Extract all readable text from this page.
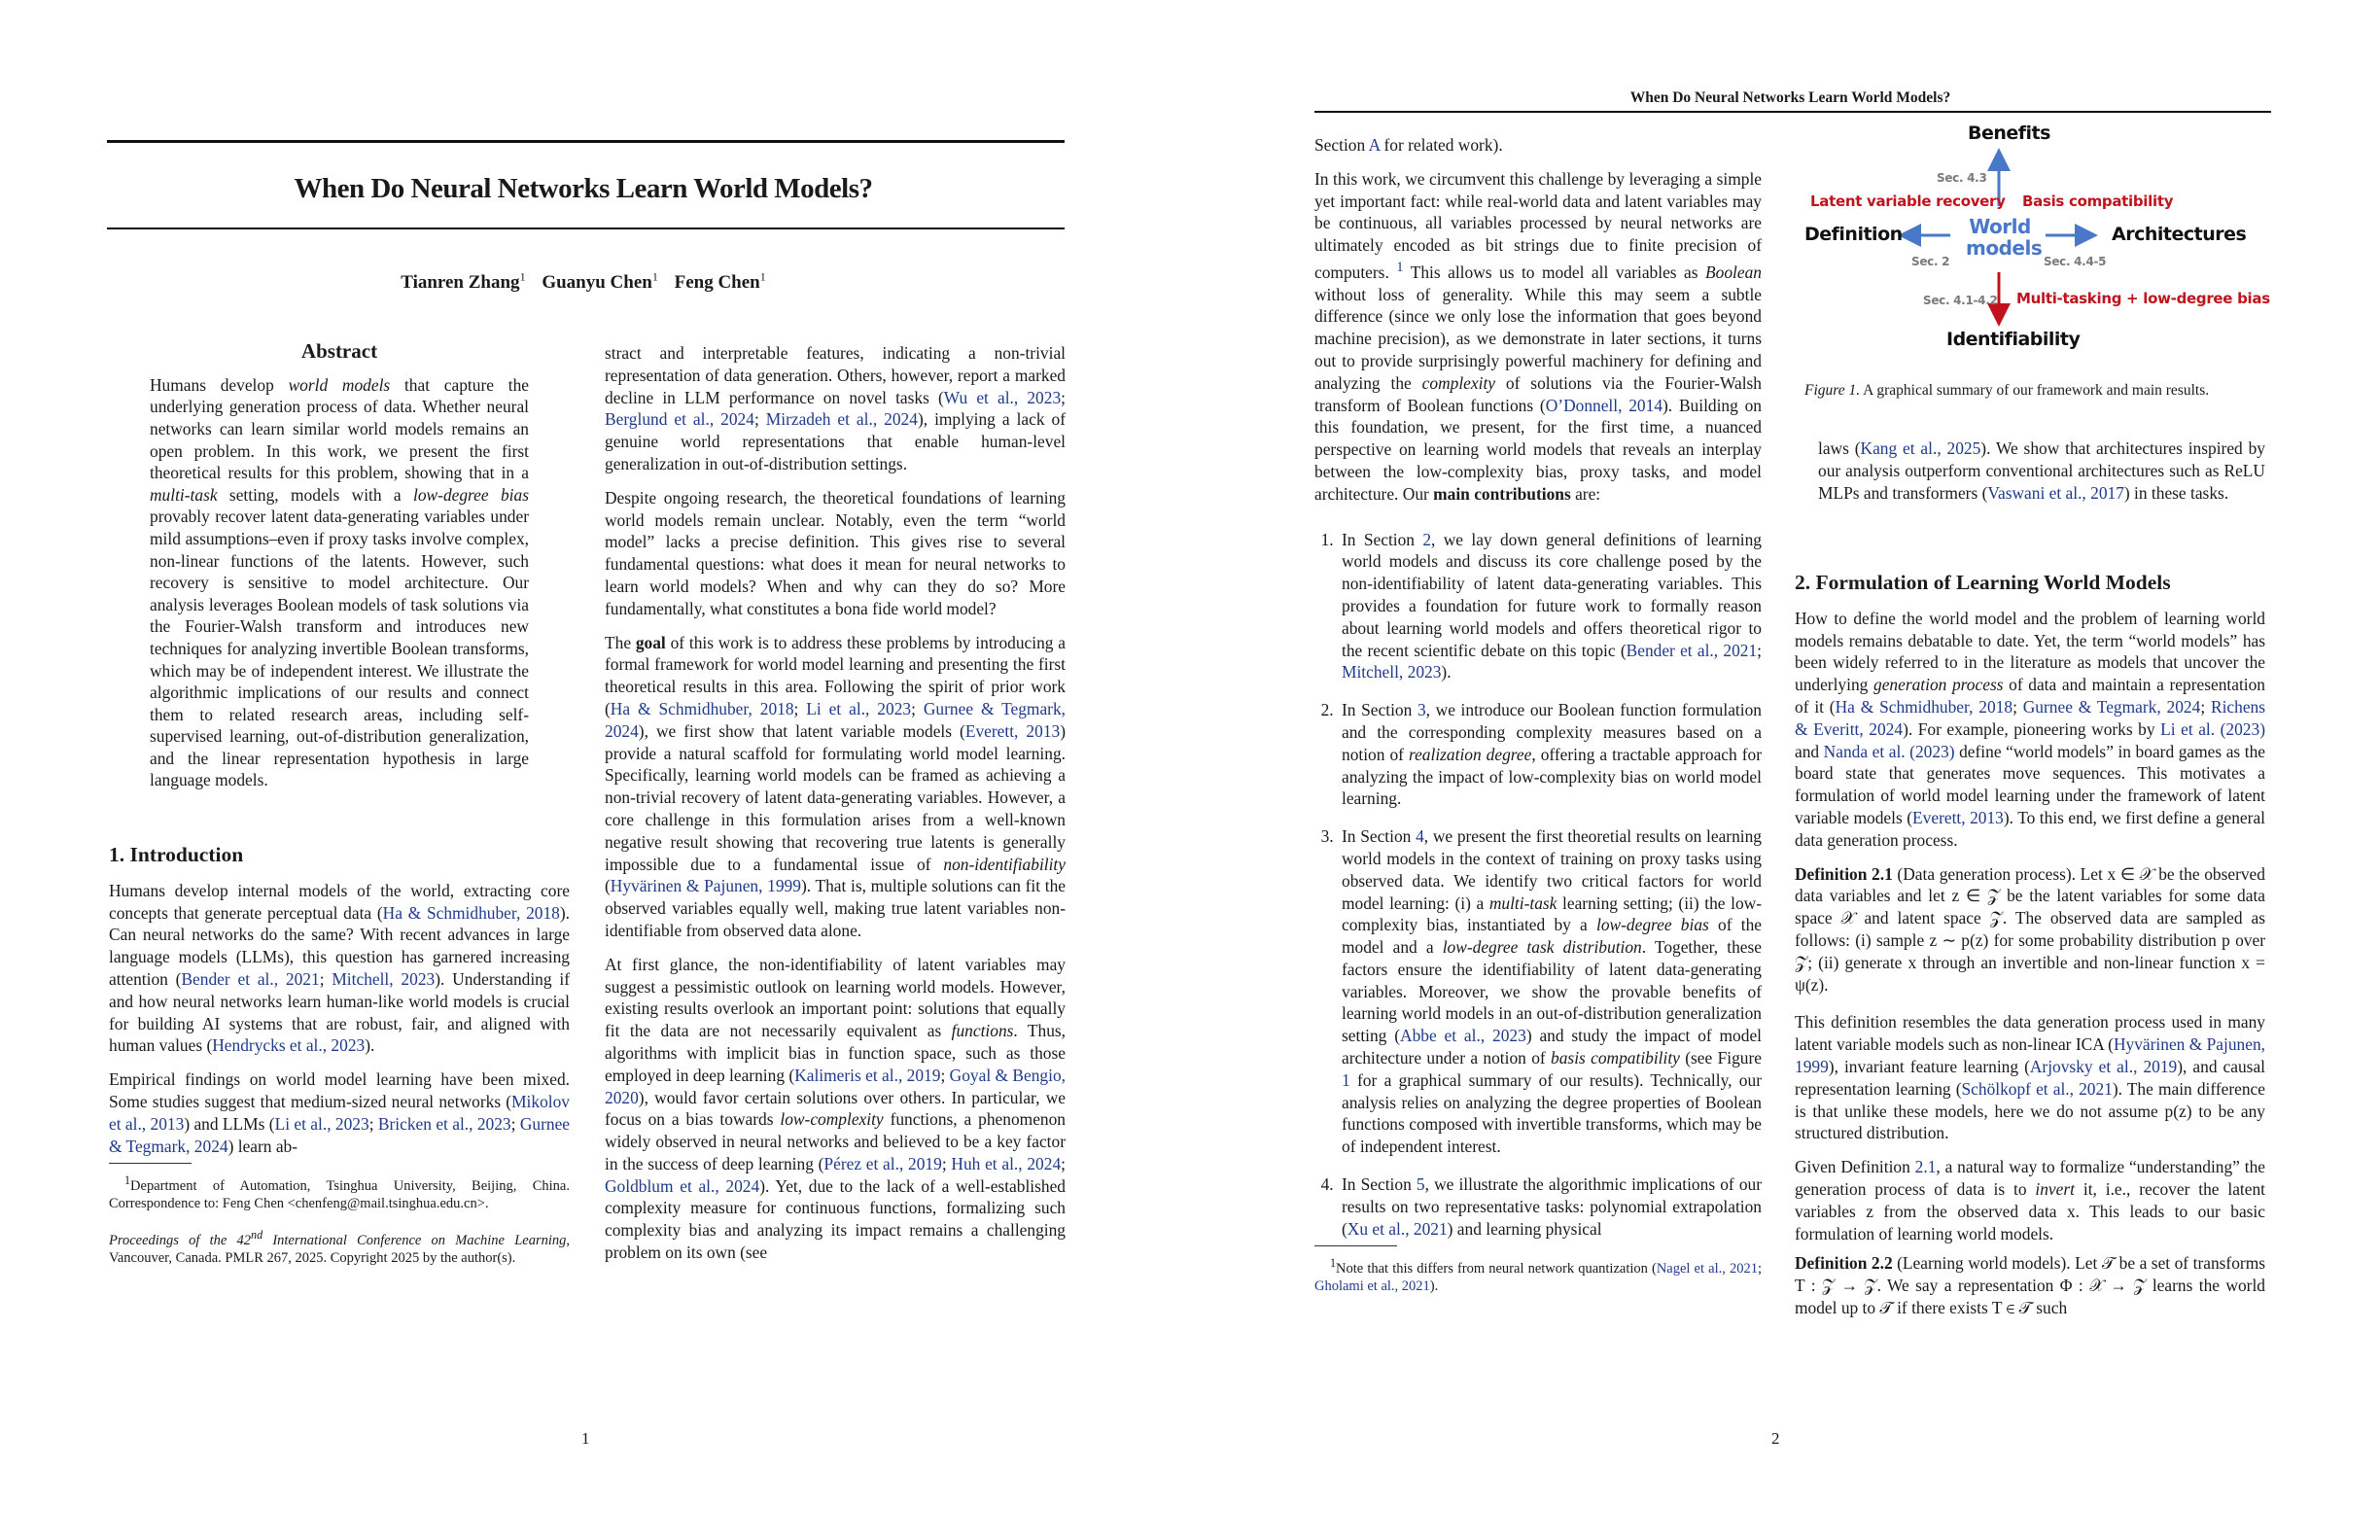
When Do Neural Networks Learn World Models?
Tianren Zhang$^1$ Guanyu Chen$^1$ Feng Chen$^1$
Abstract

Humans develop world models that capture the underlying generation process of data. Whether neural networks can learn similar world models remains an open problem. In this work, we present the first theoretical results for this problem, showing that in a multi-task setting, models with a low-degree bias provably recover latent data-generating variables under mild assumptions–even if proxy tasks involve complex, non-linear functions of the latents. However, such recovery is sensitive to model architecture. Our analysis leverages Boolean models of task solutions via the Fourier-Walsh transform and introduces new techniques for analyzing invertible Boolean transforms, which may be of independent interest. We illustrate the algorithmic implications of our results and connect them to related research areas, including self-supervised learning, out-of-distribution generalization, and the linear representation hypothesis in large language models.

1. Introduction

Humans develop internal models of the world, extracting core concepts that generate perceptual data (Ha & Schmidhuber, 2018). Can neural networks do the same? With recent advances in large language models (LLMs), this question has garnered increasing attention (Bender et al., 2021; Mitchell, 2023). Understanding if and how neural networks learn human-like world models is crucial for building AI systems that are robust, fair, and aligned with human values (Hendrycks et al., 2023).

Empirical findings on world model learning have been mixed. Some studies suggest that medium-sized neural networks (Mikolov et al., 2013) and LLMs (Li et al., 2023; Bricken et al., 2023; Gurnee & Tegmark, 2024) learn ab-

$^1$Department of Automation, Tsinghua University, Beijing, China. Correspondence to: Feng Chen <chenfeng@mail.tsinghua.edu.cn>.

Proceedings of the 42nd International Conference on Machine Learning, Vancouver, Canada. PMLR 267, 2025. Copyright 2025 by the author(s).

stract and interpretable features, indicating a non-trivial representation of data generation. Others, however, report a marked decline in LLM performance on novel tasks (Wu et al., 2023; Berglund et al., 2024; Mirzadeh et al., 2024), implying a lack of genuine world representations that enable human-level generalization in out-of-distribution settings.

Despite ongoing research, the theoretical foundations of learning world models remain unclear. Notably, even the term “world model” lacks a precise definition. This gives rise to several fundamental questions: what does it mean for neural networks to learn world models? When and why can they do so? More fundamentally, what constitutes a bona fide world model?

The goal of this work is to address these problems by introducing a formal framework for world model learning and presenting the first theoretical results in this area. Following the spirit of prior work (Ha & Schmidhuber, 2018; Li et al., 2023; Gurnee & Tegmark, 2024), we first show that latent variable models (Everett, 2013) provide a natural scaffold for formulating world model learning. Specifically, learning world models can be framed as achieving a non-trivial recovery of latent data-generating variables. However, a core challenge in this formulation arises from a well-known negative result showing that recovering true latents is generally impossible due to a fundamental issue of non-identifiability (Hyvärinen & Pajunen, 1999). That is, multiple solutions can fit the observed variables equally well, making true latent variables non-identifiable from observed data alone.

At first glance, the non-identifiability of latent variables may suggest a pessimistic outlook on learning world models. However, existing results overlook an important point: solutions that equally fit the data are not necessarily equivalent as functions. Thus, algorithms with implicit bias in function space, such as those employed in deep learning (Kalimeris et al., 2019; Goyal & Bengio, 2020), would favor certain solutions over others. In particular, we focus on a bias towards low-complexity functions, a phenomenon widely observed in neural networks and believed to be a key factor in the success of deep learning (Pérez et al., 2019; Huh et al., 2024; Goldblum et al., 2024). Yet, due to the lack of a well-established complexity measure for continuous functions, formalizing such complexity bias and analyzing its impact remains a challenging problem on its own (see

1
When Do Neural Networks Learn World Models?

Section A for related work).

In this work, we circumvent this challenge by leveraging a simple yet important fact: while real-world data and latent variables may be continuous, all variables processed by neural networks are ultimately encoded as bit strings due to finite precision of computers. $^1$ This allows us to model all variables as Boolean without loss of generality. While this may seem a subtle difference (since we only lose the information that goes beyond machine precision), as we demonstrate in later sections, it turns out to provide surprisingly powerful machinery for defining and analyzing the complexity of solutions via the Fourier-Walsh transform of Boolean functions (O’Donnell, 2014). Building on this foundation, we present, for the first time, a nuanced perspective on learning world models that reveals an interplay between the low-complexity bias, proxy tasks, and model architecture. Our main contributions are:

1. In Section 2, we lay down general definitions of learning world models and discuss its core challenge posed by the non-identifiability of latent data-generating variables. This provides a foundation for future work to formally reason about learning world models and offers theoretical rigor to the recent scientific debate on this topic (Bender et al., 2021; Mitchell, 2023).
2. In Section 3, we introduce our Boolean function formulation and the corresponding complexity measures based on a notion of realization degree, offering a tractable approach for analyzing the impact of low-complexity bias on world model learning.
3. In Section 4, we present the first theoretial results on learning world models in the context of training on proxy tasks using observed data. We identify two critical factors for world model learning: (i) a multi-task learning setting; (ii) the low-complexity bias, instantiated by a low-degree bias of the model and a low-degree task distribution. Together, these factors ensure the identifiability of latent data-generating variables. Moreover, we show the provable benefits of learning world models in an out-of-distribution generalization setting (Abbe et al., 2023) and study the impact of model architecture under a notion of basis compatibility (see Figure 1 for a graphical summary of our results). Technically, our analysis relies on analyzing the degree properties of Boolean functions composed with invertible transforms, which may be of independent interest.
4. In Section 5, we illustrate the algorithmic implications of our results on two representative tasks: polynomial extrapolation (Xu et al., 2021) and learning physical

$^1$Note that this differs from neural network quantization (Nagel et al., 2021; Gholami et al., 2021).

Benefits
Sec. 4.3
Latent variable recovery Basis compatibility
Definition	World
models
Architectures
Sec. 2	Sec. 4.4-5
Sec. 4.1-4.2 Multi-tasking + low-degree bias
Identifiability
Figure 1. A graphical summary of our framework and main results.

laws (Kang et al., 2025). We show that architectures inspired by our analysis outperform conventional architectures such as ReLU MLPs and transformers (Vaswani et al., 2017) in these tasks.

2. Formulation of Learning World Models

How to define the world model and the problem of learning world models remains debatable to date. Yet, the term “world models” has been widely referred to in the literature as models that uncover the underlying generation process of data and maintain a representation of it (Ha & Schmidhuber, 2018; Gurnee & Tegmark, 2024; Richens & Everitt, 2024). For example, pioneering works by Li et al. (2023) and Nanda et al. (2023) define “world models” in board games as the board state that generates move sequences. This motivates a formulation of world model learning under the framework of latent variable models (Everett, 2013). To this end, we first define a general data generation process.

Definition 2.1 (Data generation process). Let x ∈ 𝒳 be the observed data variables and let z ∈ 𝒵 be the latent variables for some data space 𝒳 and latent space 𝒵. The observed data are sampled as follows: (i) sample z ∼ p(z) for some probability distribution p over 𝒵; (ii) generate x through an invertible and non-linear function x = ψ(z).

This definition resembles the data generation process used in many latent variable models such as non-linear ICA (Hyvärinen & Pajunen, 1999), invariant feature learning (Arjovsky et al., 2019), and causal representation learning (Schölkopf et al., 2021). The main difference is that unlike these models, here we do not assume p(z) to be any structured distribution.

Given Definition 2.1, a natural way to formalize “understanding” the generation process of data is to invert it, i.e., recover the latent variables z from the observed data x. This leads to our basic formulation of learning world models.

Definition 2.2 (Learning world models). Let 𝒯 be a set of transforms T : 𝒵 → 𝒵. We say a representation Φ : 𝒳 → 𝒵 learns the world model up to 𝒯 if there exists T ∈ 𝒯 such

2
